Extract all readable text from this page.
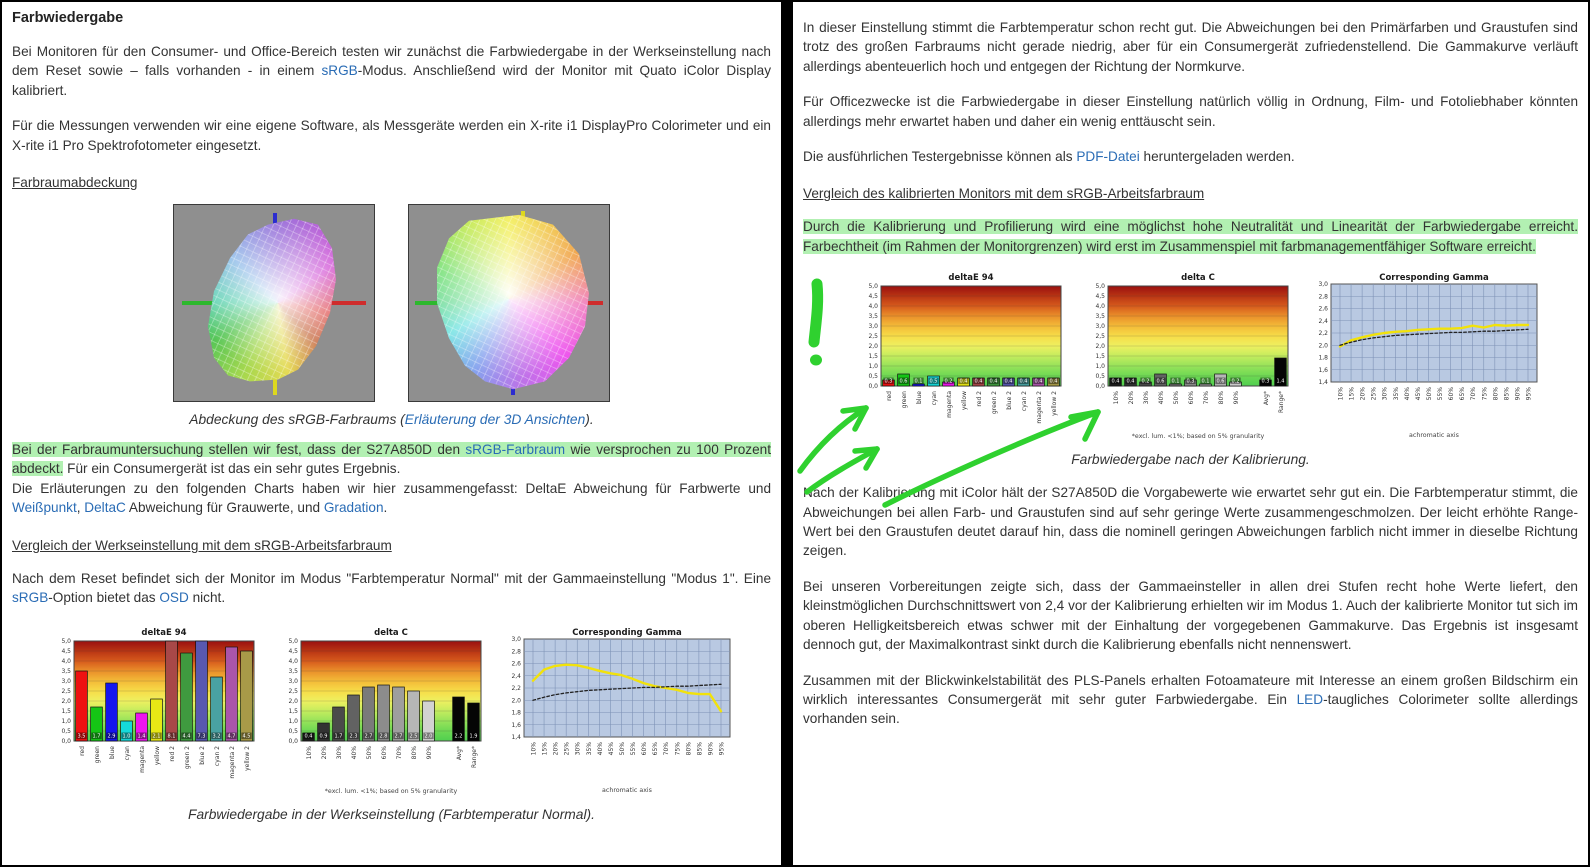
Farbwiedergabe

Bei Monitoren für den Consumer- und Office-Bereich testen wir zunächst die Farbwiedergabe in der Werkseinstellung nach dem Reset sowie – falls vorhanden - in einem sRGB-Modus. Anschließend wird der Monitor mit Quato iColor Display kalibriert.

Für die Messungen verwenden wir eine eigene Software, als Messgeräte werden ein X-rite i1 DisplayPro Colorimeter und ein X-rite i1 Pro Spektrofotometer eingesetzt.

Farbraumabdeckung

Abdeckung des sRGB-Farbraums (Erläuterung der 3D Ansichten).

Bei der Farbraumuntersuchung stellen wir fest, dass der S27A850D den sRGB-Farbraum wie versprochen zu 100 Prozent abdeckt. Für ein Consumergerät ist das ein sehr gutes Ergebnis.
Die Erläuterungen zu den folgenden Charts haben wir hier zusammengefasst: DeltaE Abweichung für Farbwerte und Weißpunkt, DeltaC Abweichung für Grauwerte, und Gradation.

Vergleich der Werkseinstellung mit dem sRGB-Arbeitsfarbraum

Nach dem Reset befindet sich der Monitor im Modus "Farbtemperatur Normal" mit der Gammaeinstellung "Modus 1". Eine sRGB-Option bietet das OSD nicht.

deltaE 94
0,0
0,5
1,0
1,5
2,0
2,5
3,0
3,5
4,0
4,5
5,0
3.5
red
1.7
green
2.9
blue
1.0
cyan
1.4
magenta
2.1
yellow
8.1
red 2
4.4
green 2
7.3
blue 2
3.2
cyan 2
4.7
magenta 2
4.5
yellow 2
delta C
0,0
0,5
1,0
1,5
2,0
2,5
3,0
3,5
4,0
4,5
5,0
0.4
10%
0.9
20%
1.7
30%
2.3
40%
2.7
50%
2.8
60%
2.7
70%
2.5
80%
2.0
90%
2.2
Avg*
1.9
Range*
*excl. lum. <1%; based on 5% granularity
Corresponding Gamma
1,4
1,6
1,8
2,0
2,2
2,4
2,6
2,8
3,0
10% 15% 20% 25% 30% 35% 40% 45% 50% 55% 60% 65% 70% 75% 80% 85% 90% 95%
achromatic axis

Farbwiedergabe in der Werkseinstellung (Farbtemperatur Normal).

In dieser Einstellung stimmt die Farbtemperatur schon recht gut. Die Abweichungen bei den Primärfarben und Graustufen sind trotz des großen Farbraums nicht gerade niedrig, aber für ein Consumergerät zufriedenstellend. Die Gammakurve verläuft allerdings abenteuerlich hoch und entgegen der Richtung der Normkurve.

Für Officezwecke ist die Farbwiedergabe in dieser Einstellung natürlich völlig in Ordnung, Film- und Fotoliebhaber könnten allerdings mehr erwartet haben und daher ein wenig enttäuscht sein.

Die ausführlichen Testergebnisse können als PDF-Datei heruntergeladen werden.

Vergleich des kalibrierten Monitors mit dem sRGB-Arbeitsfarbraum

Durch die Kalibrierung und Profilierung wird eine möglichst hohe Neutralität und Linearität der Farbwiedergabe erreicht. Farbechtheit (im Rahmen der Monitorgrenzen) wird erst im Zusammenspiel mit farbmanagementfähiger Software erreicht.

deltaE 94
0,0
0,5
1,0
1,5
2,0
2,5
3,0
3,5
4,0
4,5
5,0
0.3
red
0.6
green
0.1
blue
0.5
cyan
0.2
magenta
0.4
yellow
0.4
red 2
0.4
green 2
0.4
blue 2
0.4
cyan 2
0.4
magenta 2
0.4
yellow 2
delta C
0,0
0,5
1,0
1,5
2,0
2,5
3,0
3,5
4,0
4,5
5,0
0.4
10%
0.4
20%
0.2
30%
0.6
40%
0.1
50%
0.3
60%
0.1
70%
0.6
80%
0.2
90%
0.3
Avg*
1.4
Range*
*excl. lum. <1%; based on 5% granularity
Corresponding Gamma
1,4
1,6
1,8
2,0
2,2
2,4
2,6
2,8
3,0
10% 15% 20% 25% 30% 35% 40% 45% 50% 55% 60% 65% 70% 75% 80% 85% 90% 95%
achromatic axis

Farbwiedergabe nach der Kalibrierung.

Nach der Kalibrierung mit iColor hält der S27A850D die Vorgabewerte wie erwartet sehr gut ein. Die Farbtemperatur stimmt, die Abweichungen bei allen Farb- und Graustufen sind auf sehr geringe Werte zusammengeschmolzen. Der leicht erhöhte Range-Wert bei den Graustufen deutet darauf hin, dass die nominell geringen Abweichungen farblich nicht immer in dieselbe Richtung zeigen.

Bei unseren Vorbereitungen zeigte sich, dass der Gammaeinsteller in allen drei Stufen recht hohe Werte liefert, den kleinstmöglichen Durchschnittswert von 2,4 vor der Kalibrierung erhielten wir im Modus 1. Auch der kalibrierte Monitor tut sich im oberen Helligkeitsbereich etwas schwer mit der Einhaltung der vorgegebenen Gammakurve. Das Ergebnis ist insgesamt dennoch gut, der Maximalkontrast sinkt durch die Kalibrierung ebenfalls nicht nennenswert.

Zusammen mit der Blickwinkelstabilität des PLS-Panels erhalten Fotoamateure mit Interesse an einem großen Bildschirm ein wirklich interessantes Consumergerät mit sehr guter Farbwiedergabe. Ein LED-taugliches Colorimeter sollte allerdings vorhanden sein.
